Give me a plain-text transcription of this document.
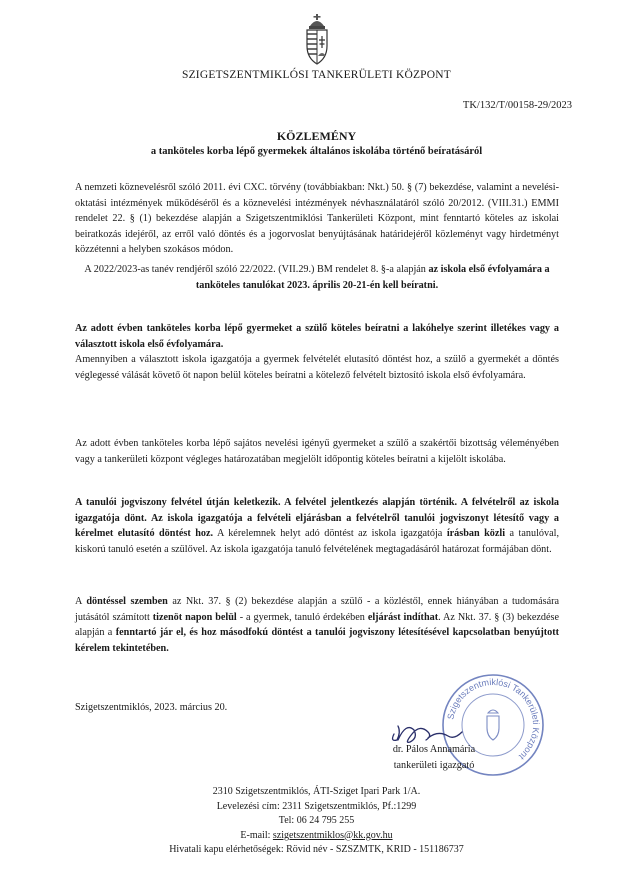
SZIGETSZENTMIKLÓSI TANKERÜLETI KÖZPONT
TK/132/T/00158-29/2023
KÖZLEMÉNY
a tanköteles korba lépő gyermekek általános iskolába történő beíratásáról

A nemzeti köznevelésről szóló 2011. évi CXC. törvény (továbbiakban: Nkt.) 50. § (7) bekezdése, valamint a nevelési-oktatási intézmények működéséről és a köznevelési intézmények névhasználatáról szóló 20/2012. (VIII.31.) EMMI rendelet 22. § (1) bekezdése alapján a Szigetszentmiklósi Tankerületi Központ, mint fenntartó köteles az iskolai beiratkozás idejéről, az erről való döntés és a jogorvoslat benyújtásának határidejéről közleményt vagy hirdetményt közzétenni a helyben szokásos módon.

A 2022/2023-as tanév rendjéről szóló 22/2022. (VII.29.) BM rendelet 8. §-a alapján az iskola első évfolyamára a tanköteles tanulókat 2023. április 20-21-én kell beíratni.

Az adott évben tanköteles korba lépő gyermeket a szülő köteles beíratni a lakóhelye szerint illetékes vagy a választott iskola első évfolyamára.
Amennyiben a választott iskola igazgatója a gyermek felvételét elutasító döntést hoz, a szülő a gyermekét a döntés véglegessé válását követő öt napon belül köteles beíratni a kötelező felvételt biztosító iskola első évfolyamára.

Az adott évben tanköteles korba lépő sajátos nevelési igényű gyermeket a szülő a szakértői bizottság véleményében vagy a tankerületi központ végleges határozatában megjelölt időpontig köteles beíratni a kijelölt iskolába.

A tanulói jogviszony felvétel útján keletkezik. A felvétel jelentkezés alapján történik. A felvételről az iskola igazgatója dönt. Az iskola igazgatója a felvételi eljárásban a felvételről tanulói jogviszonyt létesítő vagy a kérelmet elutasító döntést hoz. A kérelemnek helyt adó döntést az iskola igazgatója írásban közli a tanulóval, kiskorú tanuló esetén a szülővel. Az iskola igazgatója tanuló felvételének megtagadásáról határozat formájában dönt.

A döntéssel szemben az Nkt. 37. § (2) bekezdése alapján a szülő - a közléstől, ennek hiányában a tudomására jutásától számított tizenöt napon belül - a gyermek, tanuló érdekében eljárást indíthat. Az Nkt. 37. § (3) bekezdése alapján a fenntartó jár el, és hoz másodfokú döntést a tanulói jogviszony létesítésével kapcsolatban benyújtott kérelem tekintetében.

Szigetszentmiklós, 2023. március 20.
Szigetszentmiklósi Tankerületi Központ
dr. Pálos Annamária
tankerületi igazgató
2310 Szigetszentmiklós, ÁTI-Sziget Ipari Park 1/A.
Levelezési cím: 2311 Szigetszentmiklós, Pf.:1299
Tel: 06 24 795 255
E-mail: szigetszentmiklos@kk.gov.hu
Hivatali kapu elérhetőségek: Rövid név - SZSZMTK, KRID - 151186737
